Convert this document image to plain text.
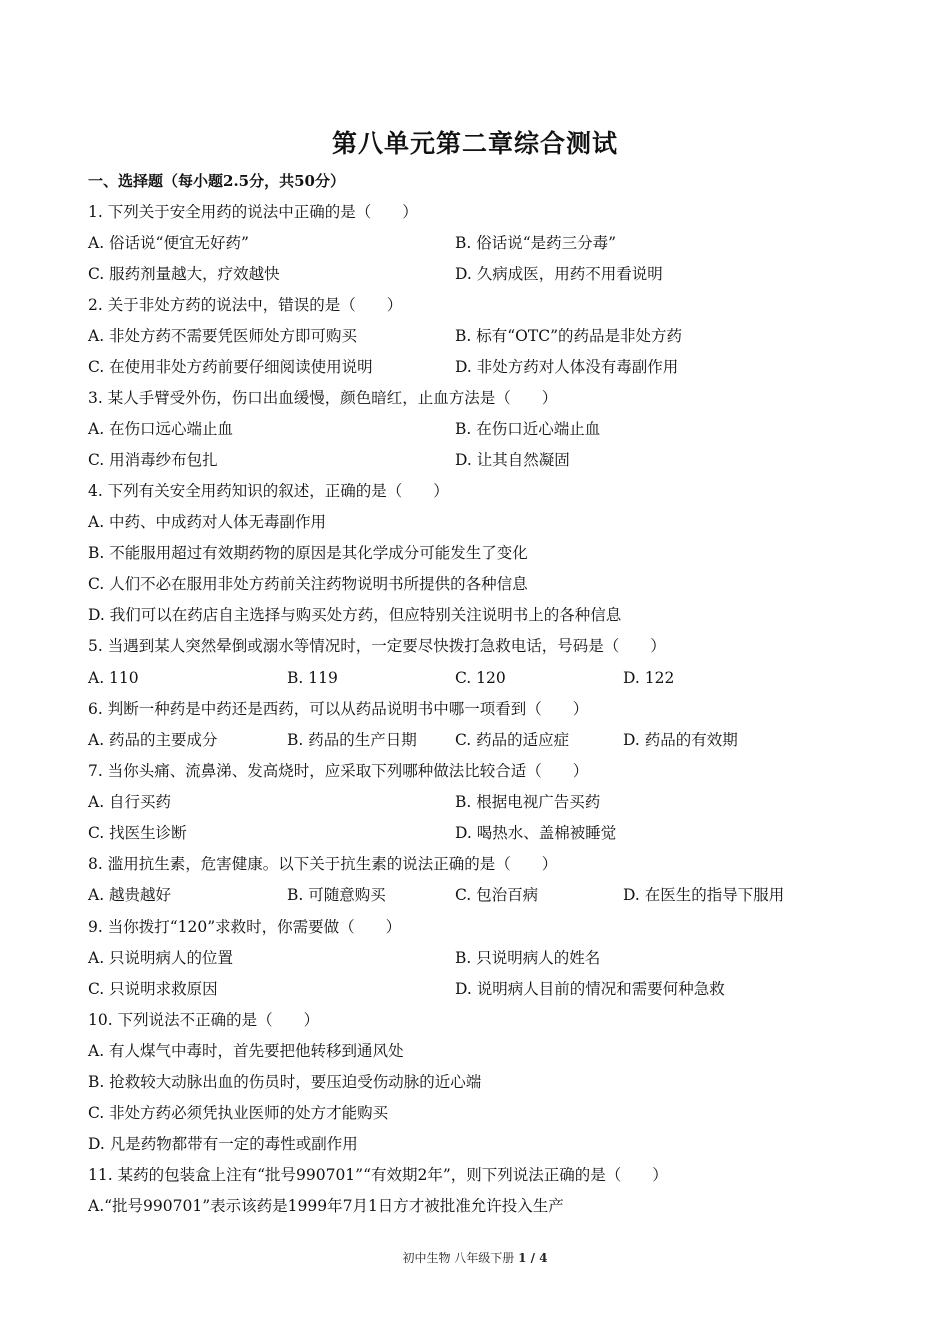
第八单元第二章综合测试
一、选择题（每小题2.5分，共50分）
1. 下列关于安全用药的说法中正确的是（　　）
A. 俗话说“便宜无好药”	B. 俗话说“是药三分毒”
C. 服药剂量越大，疗效越快	D. 久病成医，用药不用看说明
2. 关于非处方药的说法中，错误的是（　　）
A. 非处方药不需要凭医师处方即可购买	B. 标有“OTC”的药品是非处方药
C. 在使用非处方药前要仔细阅读使用说明	D. 非处方药对人体没有毒副作用
3. 某人手臂受外伤，伤口出血缓慢，颜色暗红，止血方法是（　　）
A. 在伤口远心端止血	B. 在伤口近心端止血
C. 用消毒纱布包扎	D. 让其自然凝固
4. 下列有关安全用药知识的叙述，正确的是（　　）
A. 中药、中成药对人体无毒副作用
B. 不能服用超过有效期药物的原因是其化学成分可能发生了变化
C. 人们不必在服用非处方药前关注药物说明书所提供的各种信息
D. 我们可以在药店自主选择与购买处方药，但应特别关注说明书上的各种信息
5. 当遇到某人突然晕倒或溺水等情况时，一定要尽快拨打急救电话，号码是（　　）
A. 110	B. 119	C. 120	D. 122
6. 判断一种药是中药还是西药，可以从药品说明书中哪一项看到（　　）
A. 药品的主要成分	B. 药品的生产日期 C. 药品的适应症	D. 药品的有效期
7. 当你头痛、流鼻涕、发高烧时，应采取下列哪种做法比较合适（　　）
A. 自行买药	B. 根据电视广告买药
C. 找医生诊断	D. 喝热水、盖棉被睡觉
8. 滥用抗生素，危害健康。以下关于抗生素的说法正确的是（　　）
A. 越贵越好	B. 可随意购买	C. 包治百病	D. 在医生的指导下服用
9. 当你拨打“120”求救时，你需要做（　　）
A. 只说明病人的位置	B. 只说明病人的姓名
C. 只说明求救原因	D. 说明病人目前的情况和需要何种急救
10. 下列说法不正确的是（　　）
A. 有人煤气中毒时，首先要把他转移到通风处
B. 抢救较大动脉出血的伤员时，要压迫受伤动脉的近心端
C. 非处方药必须凭执业医师的处方才能购买
D. 凡是药物都带有一定的毒性或副作用
11. 某药的包装盒上注有“批号990701”“有效期2年”，则下列说法正确的是（　　）
A.“批号990701”表示该药是1999年7月1日方才被批准允许投入生产
初中生物 八年级下册 1 / 4
